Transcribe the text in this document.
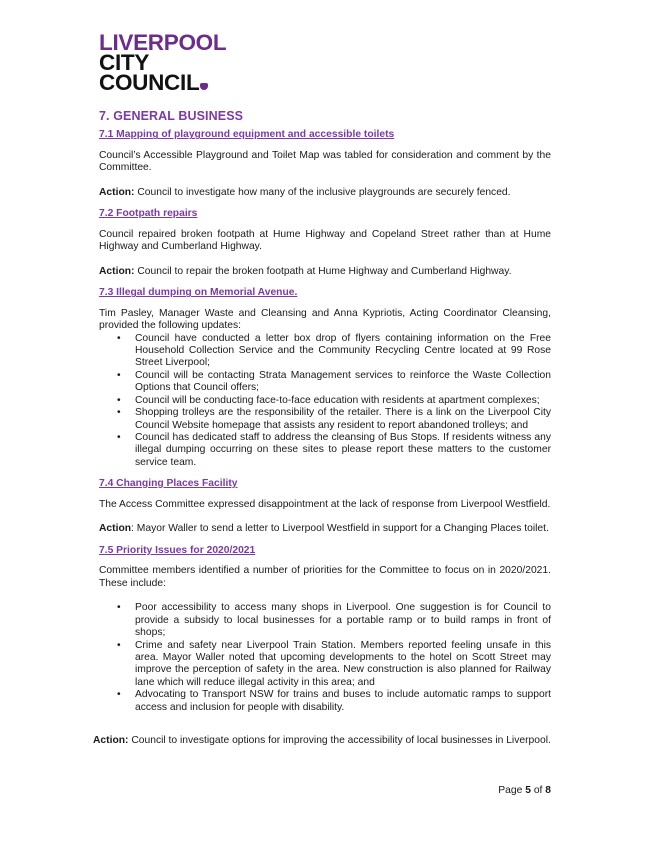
LIVERPOOL
CITY
COUNCIL
7. GENERAL BUSINESS
7.1 Mapping of playground equipment and accessible toilets

Council’s Accessible Playground and Toilet Map was tabled for consideration and comment by the Committee.

Action: Council to investigate how many of the inclusive playgrounds are securely fenced.

7.2 Footpath repairs

Council repaired broken footpath at Hume Highway and Copeland Street rather than at Hume Highway and Cumberland Highway.

Action: Council to repair the broken footpath at Hume Highway and Cumberland Highway.

7.3 Illegal dumping on Memorial Avenue.

Tim Pasley, Manager Waste and Cleansing and Anna Kypriotis, Acting Coordinator Cleansing, provided the following updates:

• Council have conducted a letter box drop of flyers containing information on the Free Household Collection Service and the Community Recycling Centre located at 99 Rose Street Liverpool;
• Council will be contacting Strata Management services to reinforce the Waste Collection Options that Council offers;
• Council will be conducting face-to-face education with residents at apartment complexes;
• Shopping trolleys are the responsibility of the retailer. There is a link on the Liverpool City Council Website homepage that assists any resident to report abandoned trolleys; and
• Council has dedicated staff to address the cleansing of Bus Stops. If residents witness any illegal dumping occurring on these sites to please report these matters to the customer service team.
7.4 Changing Places Facility

The Access Committee expressed disappointment at the lack of response from Liverpool Westfield.

Action: Mayor Waller to send a letter to Liverpool Westfield in support for a Changing Places toilet.

7.5 Priority Issues for 2020/2021

Committee members identified a number of priorities for the Committee to focus on in 2020/2021. These include:

• Poor accessibility to access many shops in Liverpool. One suggestion is for Council to provide a subsidy to local businesses for a portable ramp or to build ramps in front of shops;
• Crime and safety near Liverpool Train Station. Members reported feeling unsafe in this area. Mayor Waller noted that upcoming developments to the hotel on Scott Street may improve the perception of safety in the area. New construction is also planned for Railway lane which will reduce illegal activity in this area; and
• Advocating to Transport NSW for trains and buses to include automatic ramps to support access and inclusion for people with disability.
Action: Council to investigate options for improving the accessibility of local businesses in Liverpool.
Page 5 of 8
